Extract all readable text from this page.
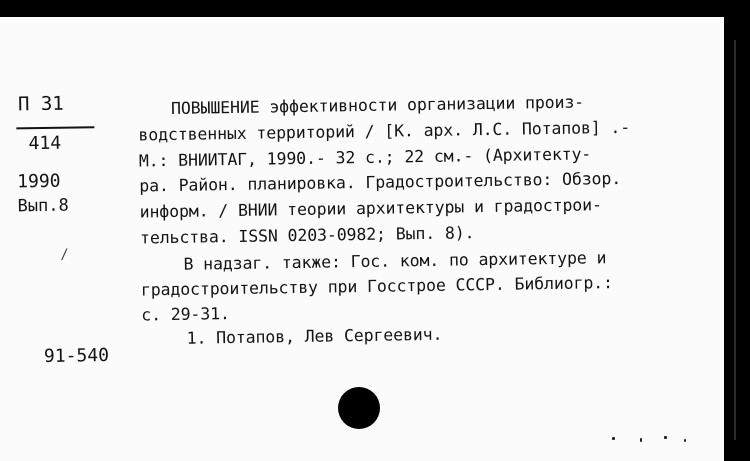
П 31
414
1990
Вып.8
/
ПОВЫШЕНИЕ эффективности организации произ-
водственных территорий / [К. арх. Л.С. Потапов] .-
М.: ВНИИТАГ, 1990.- 32 с.; 22 см.- (Архитекту-
ра. Район. планировка. Градостроительство: Обзор.
информ. / ВНИИ теории архитектуры и градострои-
тельства. ISSN 0203-0982; Вып. 8).
В надзаг. также: Гос. ком. по архитектуре и
градостроительству при Госстрое СССР. Библиогр.:
с. 29-31.
1. Потапов, Лев Сергеевич.
91-540
